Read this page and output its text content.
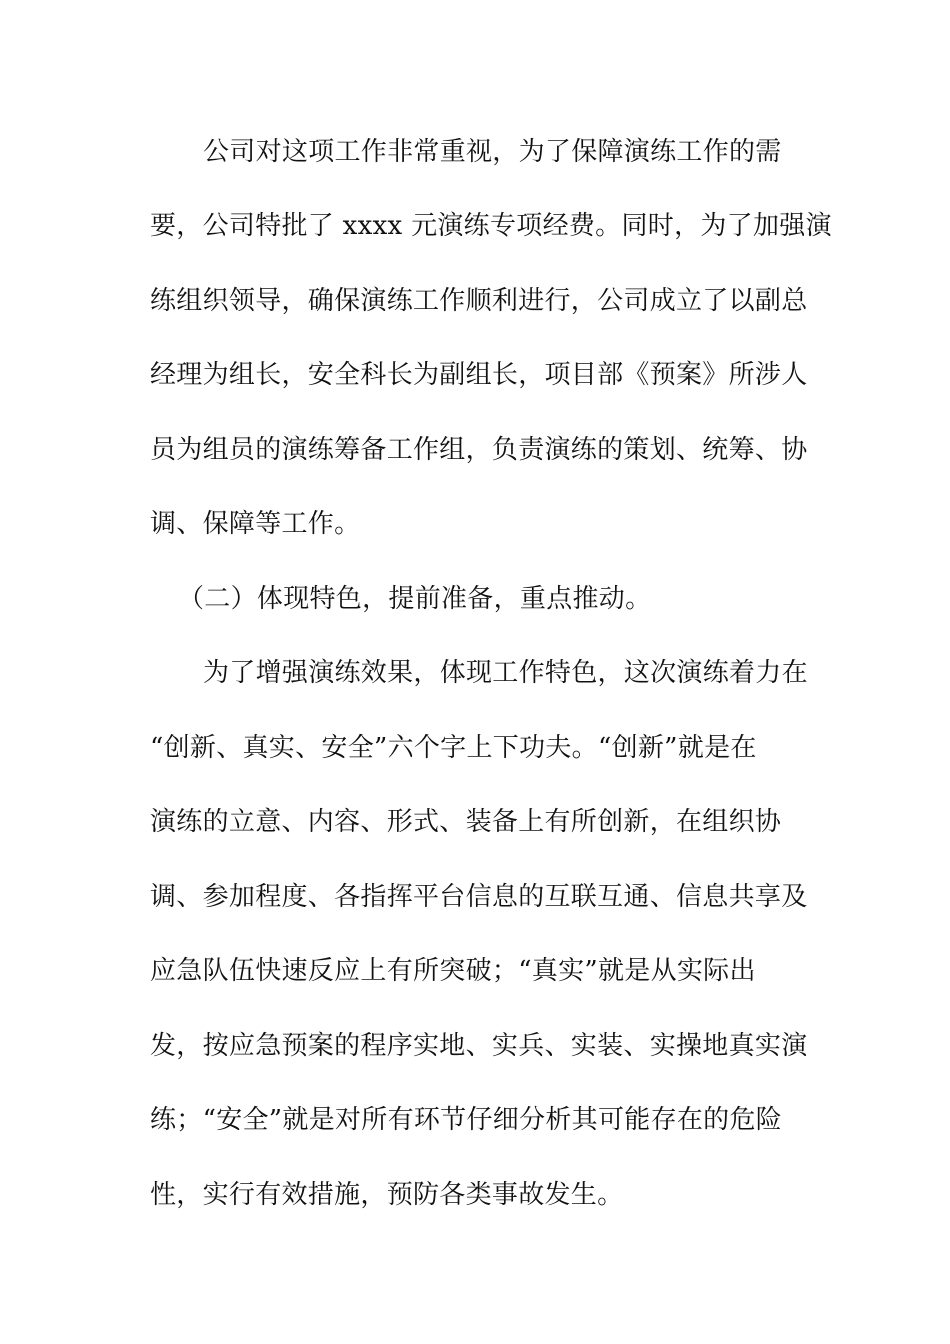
公司对这项工作非常重视，为了保障演练工作的需
要，公司特批了 xxxx 元演练专项经费。同时，为了加强演
练组织领导，确保演练工作顺利进行，公司成立了以副总
经理为组长，安全科长为副组长，项目部《预案》所涉人
员为组员的演练筹备工作组，负责演练的策划、统筹、协
调、保障等工作。
（二）体现特色，提前准备，重点推动。
为了增强演练效果，体现工作特色，这次演练着力在
“创新、真实、安全”六个字上下功夫。“创新”就是在
演练的立意、内容、形式、装备上有所创新，在组织协
调、参加程度、各指挥平台信息的互联互通、信息共享及
应急队伍快速反应上有所突破；“真实”就是从实际出
发，按应急预案的程序实地、实兵、实装、实操地真实演
练；“安全”就是对所有环节仔细分析其可能存在的危险
性，实行有效措施，预防各类事故发生。
